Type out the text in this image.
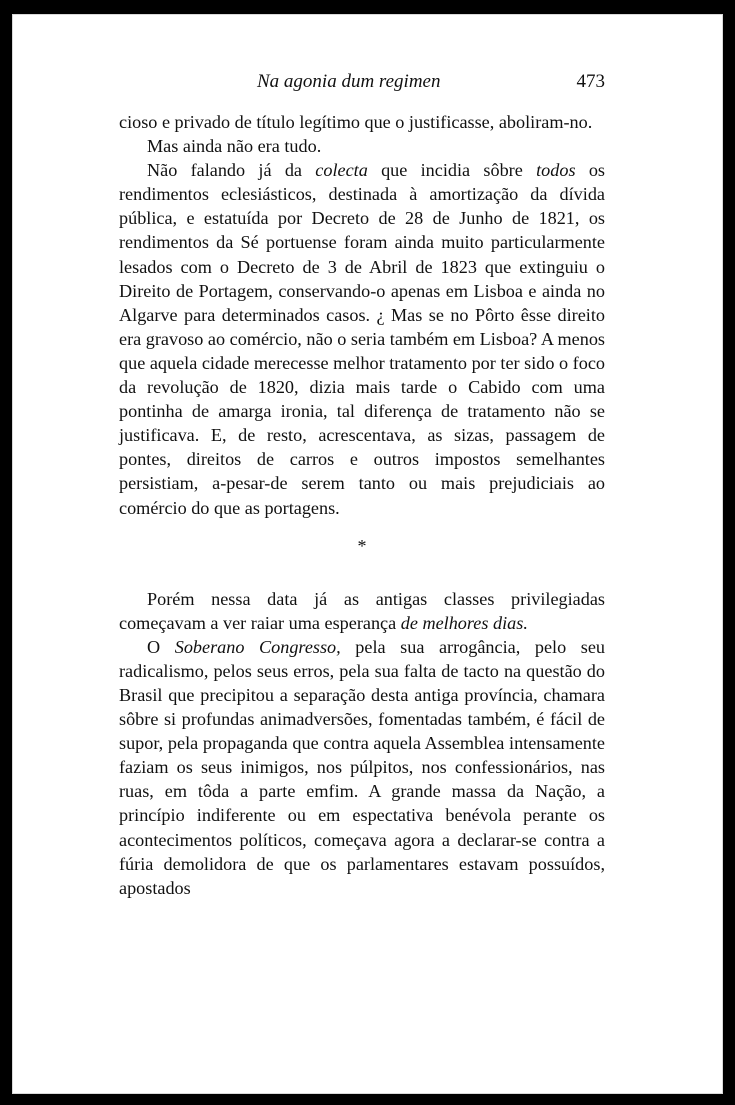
Na agonia dum regimen	473

cioso e privado de título legítimo que o justificasse, aboliram-no.

Mas ainda não era tudo.

Não falando já da colecta que incidia sôbre todos os rendimentos eclesiásticos, destinada à amortização da dívida pública, e estatuída por Decreto de 28 de Junho de 1821, os rendimentos da Sé portuense foram ainda muito particularmente lesados com o Decreto de 3 de Abril de 1823 que extinguiu o Direito de Portagem, conservando-o apenas em Lisboa e ainda no Algarve para determinados casos. ¿ Mas se no Pôrto êsse direito era gravoso ao comércio, não o seria também em Lisboa? A menos que aquela cidade merecesse melhor tratamento por ter sido o foco da revolução de 1820, dizia mais tarde o Cabido com uma pontinha de amarga ironia, tal diferença de tratamento não se justificava. E, de resto, acrescentava, as sizas, passagem de pontes, direitos de carros e outros impostos semelhantes persistiam, a-pesar-de serem tanto ou mais prejudiciais ao comércio do que as portagens.

*

Porém nessa data já as antigas classes privilegiadas começavam a ver raiar uma esperança de melhores dias.

O Soberano Congresso, pela sua arrogância, pelo seu radicalismo, pelos seus erros, pela sua falta de tacto na questão do Brasil que precipitou a separação desta antiga província, chamara sôbre si profundas animadversões, fomentadas também, é fácil de supor, pela propaganda que contra aquela Assemblea intensamente faziam os seus inimigos, nos púlpitos, nos confessionários, nas ruas, em tôda a parte emfim. A grande massa da Nação, a princípio indiferente ou em espectativa benévola perante os acontecimentos políticos, começava agora a declarar-se contra a fúria demolidora de que os parlamentares estavam possuídos, apostados
